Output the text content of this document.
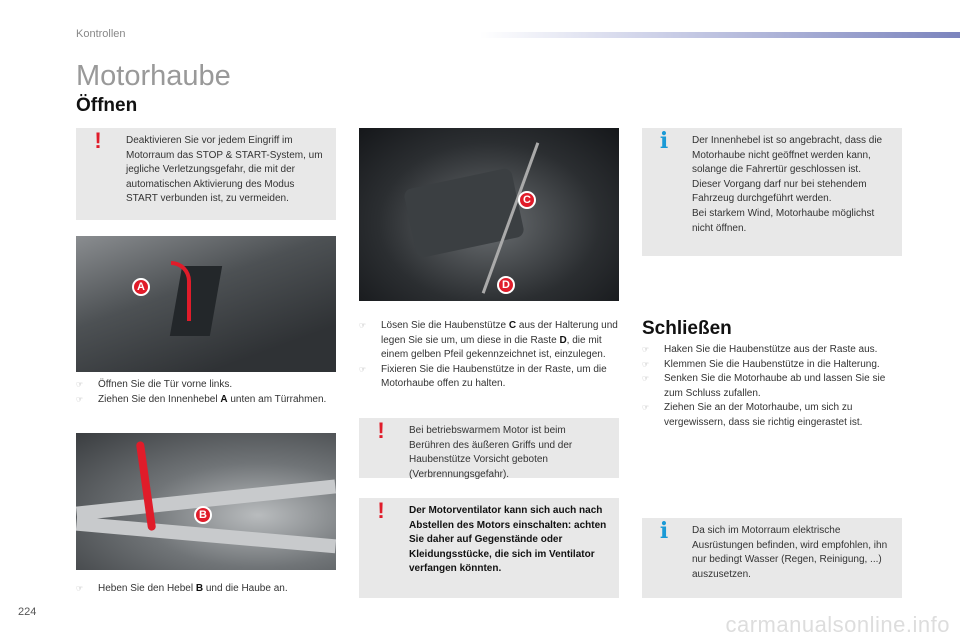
Kontrollen
Motorhaube
Öffnen
!	Deaktivieren Sie vor jedem Eingriff im Motorraum das STOP & START-System, um jegliche Verletzungsgefahr, die mit der automatischen Aktivierung des Modus START verbunden ist, zu vermeiden.
A
☞ Öffnen Sie die Tür vorne links.
☞ Ziehen Sie den Innenhebel A unten am Türrahmen.
B
☞ Heben Sie den Hebel B und die Haube an.
C
D
☞ Lösen Sie die Haubenstütze C aus der Halterung und legen Sie sie um, um diese in die Raste D, die mit einem gelben Pfeil gekennzeichnet ist, einzulegen.
☞ Fixieren Sie die Haubenstütze in der Raste, um die Motorhaube offen zu halten.
!	Bei betriebswarmem Motor ist beim Berühren des äußeren Griffs und der Haubenstütze Vorsicht geboten (Verbrennungsgefahr).
!	Der Motorventilator kann sich auch nach Abstellen des Motors einschalten: achten Sie daher auf Gegenstände oder Kleidungsstücke, die sich im Ventilator verfangen könnten.
i	Der Innenhebel ist so angebracht, dass die Motorhaube nicht geöffnet werden kann, solange die Fahrertür geschlossen ist.
Dieser Vorgang darf nur bei stehendem Fahrzeug durchgeführt werden.
Bei starkem Wind, Motorhaube möglichst nicht öffnen.
Schließen
☞ Haken Sie die Haubenstütze aus der Raste aus.
☞ Klemmen Sie die Haubenstütze in die Halterung.
☞ Senken Sie die Motorhaube ab und lassen Sie sie zum Schluss zufallen.
☞ Ziehen Sie an der Motorhaube, um sich zu vergewissern, dass sie richtig eingerastet ist.
i	Da sich im Motorraum elektrische Ausrüstungen befinden, wird empfohlen, ihn nur bedingt Wasser (Regen, Reinigung, ...) auszusetzen.
224	carmanualsonline.info
